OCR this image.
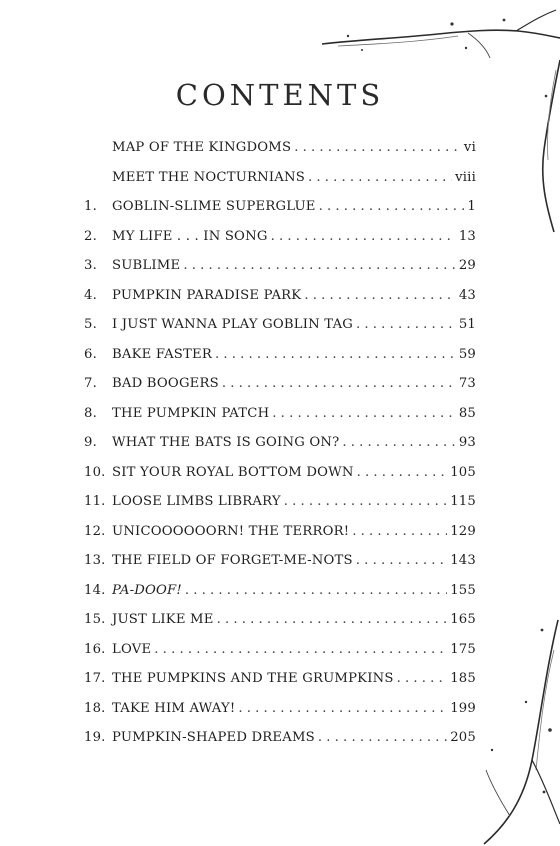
CONTENTS
MAP OF THE KINGDOMS . . .	vi
MEET THE NOCTURNIANS . . .	viii
1.	GOBLIN-SLIME SUPERGLUE . . .	1
2.	MY LIFE . . . IN SONG . . .	13
3.	SUBLIME . . .	29
4.	PUMPKIN PARADISE PARK . . .	43
5.	I JUST WANNA PLAY GOBLIN TAG . . .	51
6.	BAKE FASTER . . .	59
7.	BAD BOOGERS . . .	73
8.	THE PUMPKIN PATCH . . .	85
9.	WHAT THE BATS IS GOING ON? . . .	93
10. SIT YOUR ROYAL BOTTOM DOWN . . .	105
11. LOOSE LIMBS LIBRARY . . .	115
12. UNICOOOOOORN! THE TERROR! . . .	129
13. THE FIELD OF FORGET-ME-NOTS . . .	143
14. PA-DOOF! . . .	155
15. JUST LIKE ME . . .	165
16. LOVE . . .	175
17. THE PUMPKINS AND THE GRUMPKINS . . .	185
18. TAKE HIM AWAY! . . .	199
19. PUMPKIN-SHAPED DREAMS . . .	205
